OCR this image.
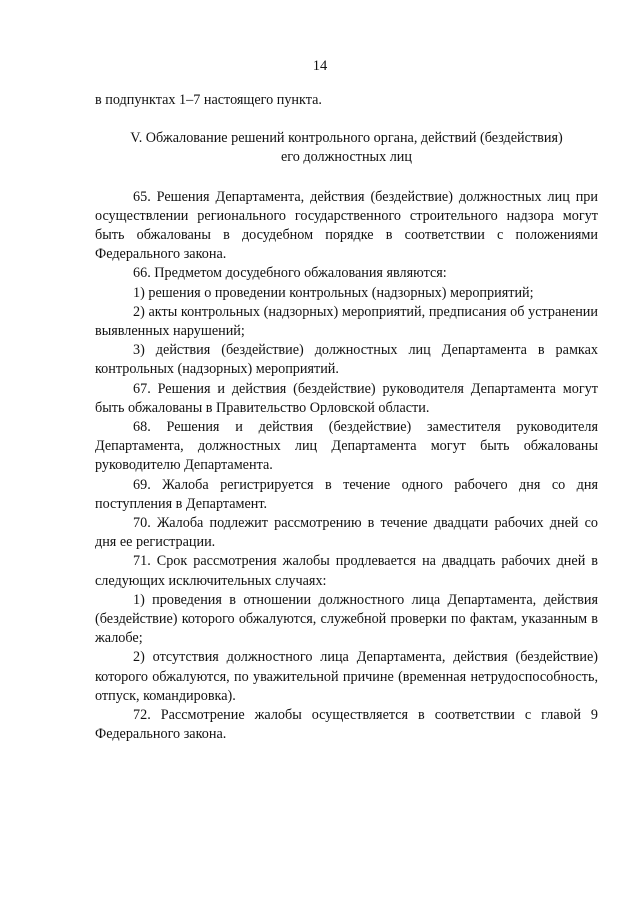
14

в подпунктах 1–7 настоящего пункта.

V. Обжалование решений контрольного органа, действий (бездействия)
его должностных лиц

65. Решения Департамента, действия (бездействие) должностных лиц при осуществлении регионального государственного строительного надзора могут быть обжалованы в досудебном порядке в соответствии с положениями Федерального закона.

66. Предметом досудебного обжалования являются:

1) решения о проведении контрольных (надзорных) мероприятий;

2) акты контрольных (надзорных) мероприятий, предписания об устранении выявленных нарушений;

3) действия (бездействие) должностных лиц Департамента в рамках контрольных (надзорных) мероприятий.

67. Решения и действия (бездействие) руководителя Департамента могут быть обжалованы в Правительство Орловской области.

68. Решения и действия (бездействие) заместителя руководителя Департамента, должностных лиц Департамента могут быть обжалованы руководителю Департамента.

69. Жалоба регистрируется в течение одного рабочего дня со дня поступления в Департамент.

70. Жалоба подлежит рассмотрению в течение двадцати рабочих дней со дня ее регистрации.

71. Срок рассмотрения жалобы продлевается на двадцать рабочих дней в следующих исключительных случаях:

1) проведения в отношении должностного лица Департамента, действия (бездействие) которого обжалуются, служебной проверки по фактам, указанным в жалобе;

2) отсутствия должностного лица Департамента, действия (бездействие) которого обжалуются, по уважительной причине (временная нетрудоспособность, отпуск, командировка).

72. Рассмотрение жалобы осуществляется в соответствии с главой 9 Федерального закона.
